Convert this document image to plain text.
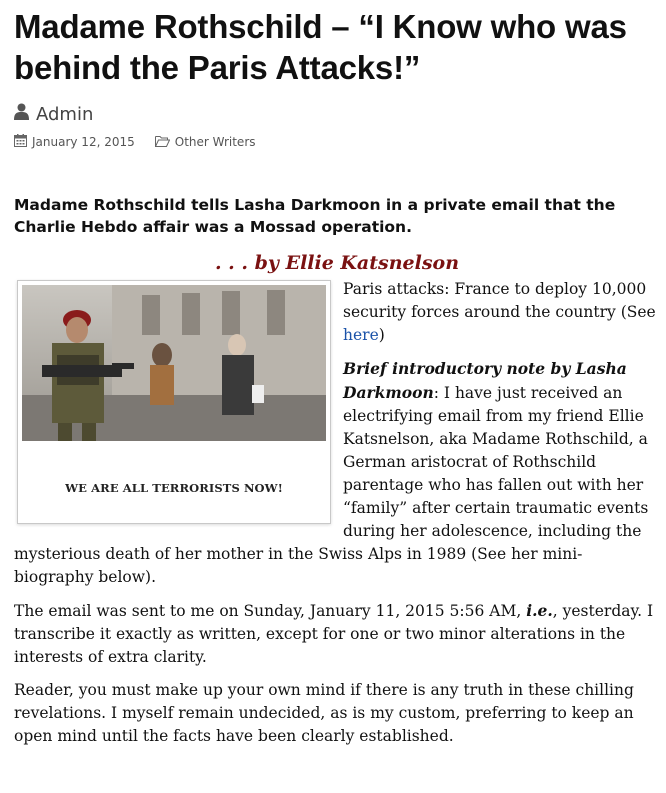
Madame Rothschild – “I Know who was behind the Paris Attacks!”
Admin
January 12, 2015	Other Writers
Madame Rothschild tells Lasha Darkmoon in a private email that the Charlie Hebdo affair was a Mossad operation.
. . . by Ellie Katsnelson
WE ARE ALL TERRORISTS NOW!

Paris attacks: France to deploy 10,000 security forces around the country (See here)

Brief introductory note by Lasha Darkmoon: I have just received an electrifying email from my friend Ellie Katsnelson, aka Madame Rothschild, a German aristocrat of Rothschild parentage who has fallen out with her “family” after certain traumatic events during her adolescence, including the mysterious death of her mother in the Swiss Alps in 1989 (See her mini-biography below).

The email was sent to me on Sunday, January 11, 2015 5:56 AM, i.e., yesterday. I transcribe it exactly as written, except for one or two minor alterations in the interests of extra clarity.

Reader, you must make up your own mind if there is any truth in these chilling revelations. I myself remain undecided, as is my custom, preferring to keep an open mind until the facts have been clearly established.
